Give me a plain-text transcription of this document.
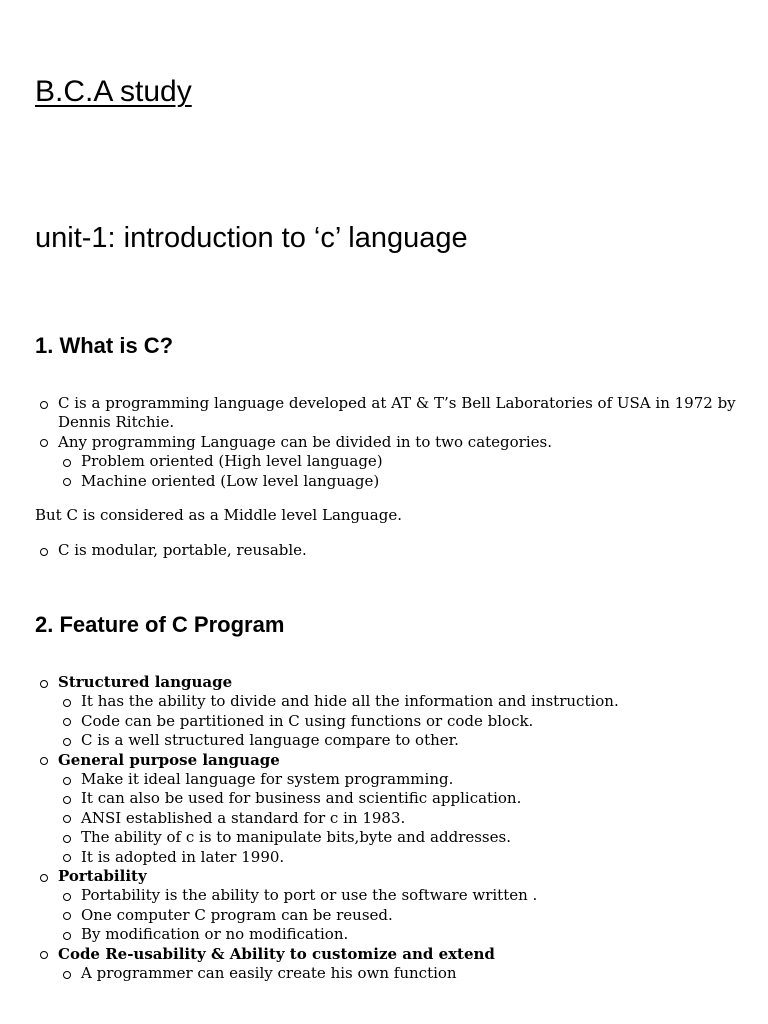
B.C.A study
unit-1: introduction to ‘c’ language
1. What is C?
C is a programming language developed at AT & T’s Bell Laboratories of USA in 1972 by Dennis Ritchie.
Any programming Language can be divided in to two categories.
Problem oriented (High level language)
Machine oriented (Low level language)

But C is considered as a Middle level Language.

C is modular, portable, reusable.
2. Feature of C Program
Structured language
It has the ability to divide and hide all the information and instruction.
Code can be partitioned in C using functions or code block.
C is a well structured language compare to other.
General purpose language
Make it ideal language for system programming.
It can also be used for business and scientific application.
ANSI established a standard for c in 1983.
The ability of c is to manipulate bits,byte and addresses.
It is adopted in later 1990.
Portability
Portability is the ability to port or use the software written .
One computer C program can be reused.
By modification or no modification.
Code Re-usability & Ability to customize and extend
A programmer can easily create his own function
